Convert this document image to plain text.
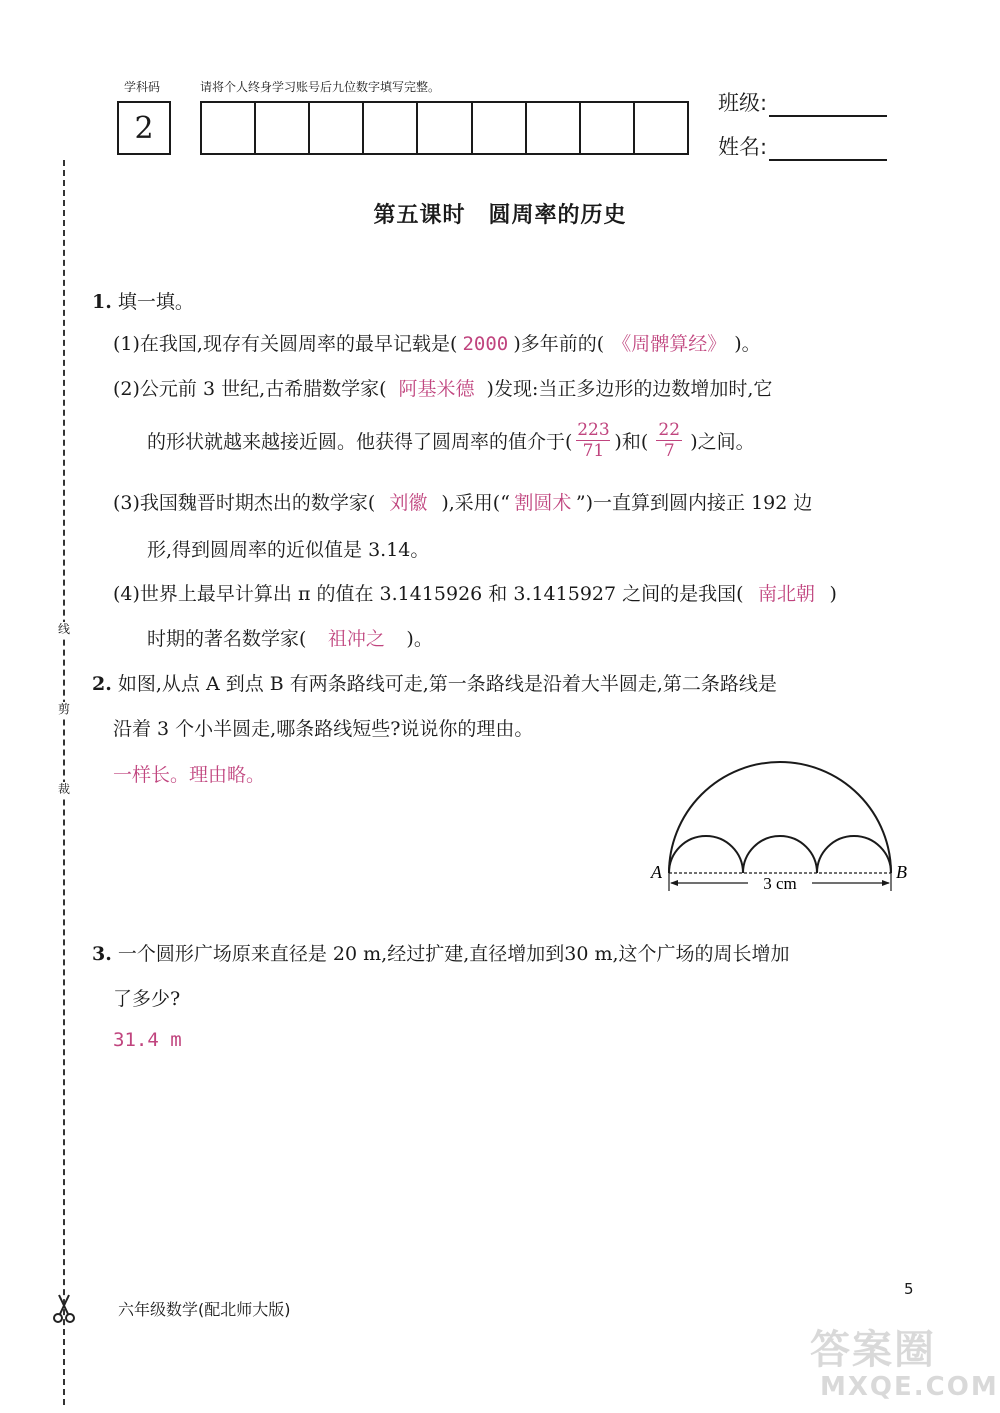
学科码	请将个人终身学习账号后九位数字填写完整。
2
班级:
姓名:
线
剪
裁
第五课时　圆周率的历史
1. 填一填。
(1)在我国,现存有关圆周率的最早记载是( 2000 )多年前的( 《周髀算经》 )。
(2)公元前 3 世纪,古希腊数学家( 阿基米德 )发现:当正多边形的边数增加时,它
的形状就越来越接近圆。他获得了圆周率的值介于( $\frac{223}{71}$ )和( $\frac{22}{7}$ )之间。
(3)我国魏晋时期杰出的数学家( 刘徽 ),采用(“ 割圆术 ”)一直算到圆内接正 192 边
形,得到圆周率的近似值是 3.14。
(4)世界上最早计算出 π 的值在 3.1415926 和 3.1415927 之间的是我国( 南北朝 )
时期的著名数学家( 祖冲之 )。
2. 如图,从点 A 到点 B 有两条路线可走,第一条路线是沿着大半圆走,第二条路线是
沿着 3 个小半圆走,哪条路线短些?说说你的理由。
一样长。理由略。
3 cm
A	B
3. 一个圆形广场原来直径是 20 m,经过扩建,直径增加到30 m,这个广场的周长增加
了多少?
31.4 m
六年级数学(配北师大版)
5
答案圈
MXQE.COM
